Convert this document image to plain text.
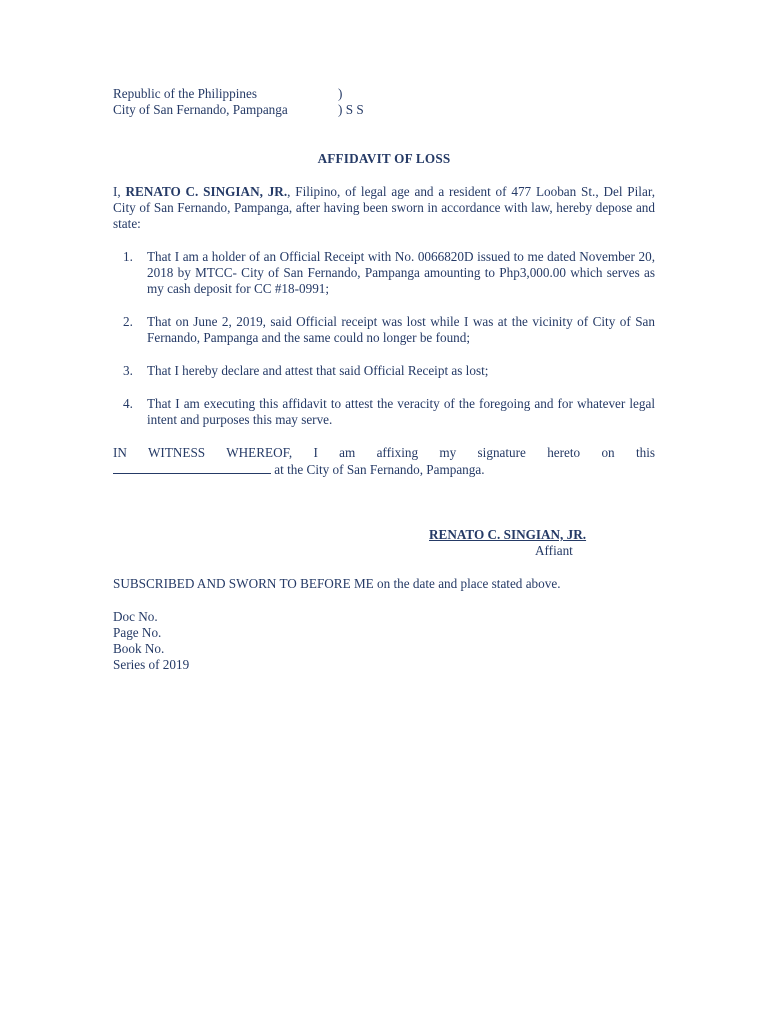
Republic of the Philippines	)
City of San Fernando, Pampanga	) S S
AFFIDAVIT OF LOSS
I, RENATO C. SINGIAN, JR., Filipino, of legal age and a resident of 477 Looban St., Del Pilar, City of San Fernando, Pampanga, after having been sworn in accordance with law, hereby depose and state:
1. That I am a holder of an Official Receipt with No. 0066820D issued to me dated November 20, 2018 by MTCC- City of San Fernando, Pampanga amounting to Php3,000.00 which serves as my cash deposit for CC #18-0991;
2. That on June 2, 2019, said Official receipt was lost while I was at the vicinity of City of San Fernando, Pampanga and the same could no longer be found;
3. That I hereby declare and attest that said Official Receipt as lost;
4. That I am executing this affidavit to attest the veracity of the foregoing and for whatever legal intent and purposes this may serve.
IN WITNESS WHEREOF, I am affixing my signature hereto on this
at the City of San Fernando, Pampanga.
RENATO C. SINGIAN, JR.
Affiant
SUBSCRIBED AND SWORN TO BEFORE ME on the date and place stated above.
Doc No.
Page No.
Book No.
Series of 2019
